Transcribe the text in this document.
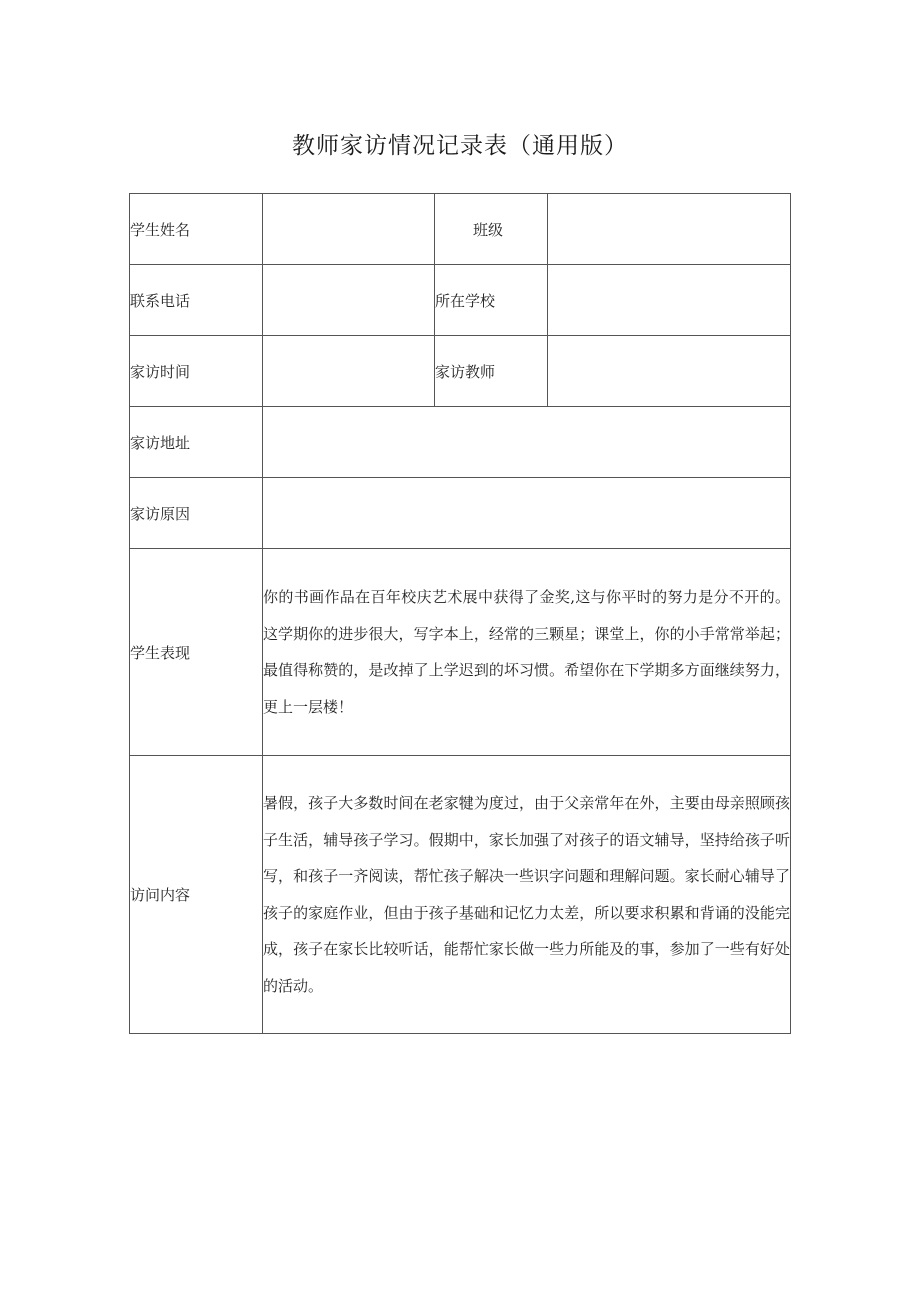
教师家访情况记录表（通用版）
学生姓名		班级	
联系电话		所在学校	
家访时间		家访教师	
家访地址			
家访原因			
学生表现	你的书画作品在百年校庆艺术展中获得了金奖,这与你平时的努力是分不开的。这学期你的进步很大，写字本上，经常的三颗星；课堂上，你的小手常常举起；最值得称赞的，是改掉了上学迟到的坏习惯。希望你在下学期多方面继续努力，更上一层楼！		

访问内容	暑假，孩子大多数时间在老家犍为度过，由于父亲常年在外，主要由母亲照顾孩子生活，辅导孩子学习。假期中，家长加强了对孩子的语文辅导，坚持给孩子听写，和孩子一齐阅读，帮忙孩子解决一些识字问题和理解问题。家长耐心辅导了孩子的家庭作业，但由于孩子基础和记忆力太差，所以要求积累和背诵的没能完成，孩子在家长比较听话，能帮忙家长做一些力所能及的事，参加了一些有好处的活动。		
